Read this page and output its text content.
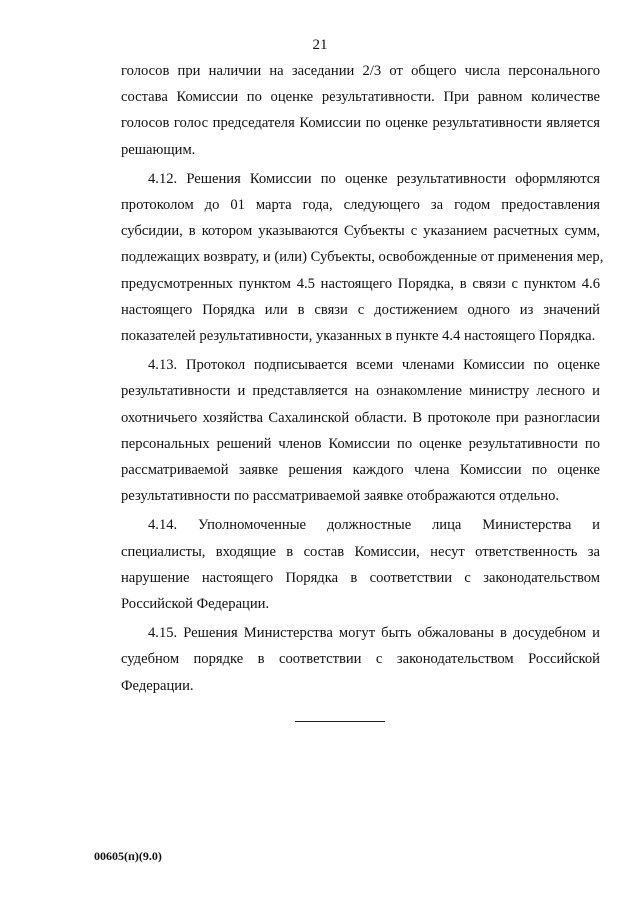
21
голосов при наличии на заседании 2/3 от общего числа персонального
состава Комиссии по оценке результативности. При равном количестве
голосов голос председателя Комиссии по оценке результативности является
решающим.
4.12. Решения Комиссии по оценке результативности оформляются
протоколом до 01 марта года, следующего за годом предоставления
субсидии, в котором указываются Субъекты с указанием расчетных сумм,
подлежащих возврату, и (или) Субъекты, освобожденные от применения мер,
предусмотренных пунктом 4.5 настоящего Порядка, в связи с пунктом 4.6
настоящего Порядка или в связи с достижением одного из значений
показателей результативности, указанных в пункте 4.4 настоящего Порядка.
4.13. Протокол подписывается всеми членами Комиссии по оценке
результативности и представляется на ознакомление министру лесного и
охотничьего хозяйства Сахалинской области. В протоколе при разногласии
персональных решений членов Комиссии по оценке результативности по
рассматриваемой заявке решения каждого члена Комиссии по оценке
результативности по рассматриваемой заявке отображаются отдельно.
4.14. Уполномоченные должностные лица Министерства и
специалисты, входящие в состав Комиссии, несут ответственность за
нарушение настоящего Порядка в соответствии с законодательством
Российской Федерации.
4.15. Решения Министерства могут быть обжалованы в досудебном и
судебном порядке в соответствии с законодательством Российской
Федерации.
00605(п)(9.0)
